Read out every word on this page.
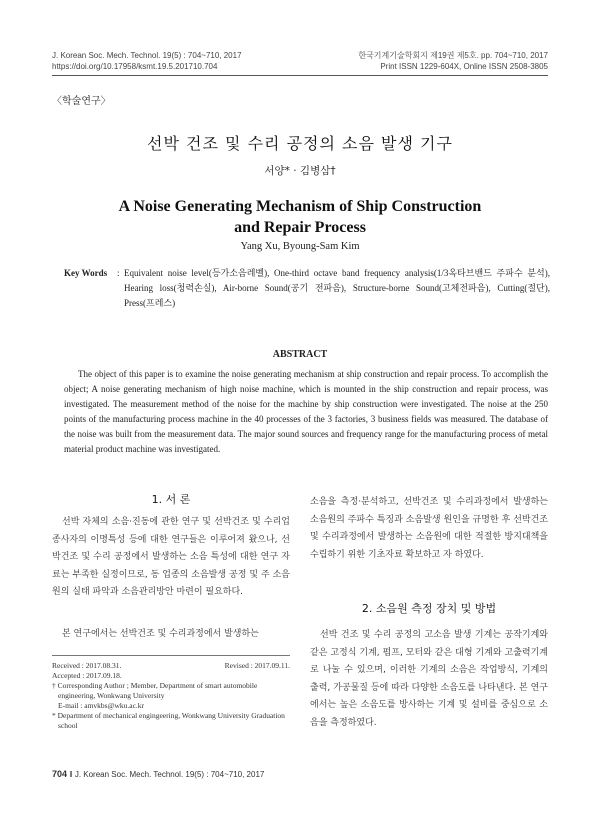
J. Korean Soc. Mech. Technol. 19(5) : 704~710, 2017
https://doi.org/10.17958/ksmt.19.5.201710.704
한국기계기술학회지 제19권 제5호. pp. 704~710, 2017
Print ISSN 1229-604X, Online ISSN 2508-3805
〈학술연구〉
선박 건조 및 수리 공정의 소음 발생 기구
서양* · 김병삼†
A Noise Generating Mechanism of Ship Construction
and Repair Process
Yang Xu, Byoung-Sam Kim
Key Words : Equivalent noise level(등가소음레벨), One-third octave band frequency analysis(1/3옥타브밴드 주파수 분석), Hearing loss(청력손실), Air-borne Sound(공기 전파음), Structure-borne Sound(고체전파음), Cutting(절단), Press(프레스)
ABSTRACT
The object of this paper is to examine the noise generating mechanism at ship construction and repair process. To accomplish the object; A noise generating mechanism of high noise machine, which is mounted in the ship construction and repair process, was investigated. The measurement method of the noise for the machine by ship construction were investigated. The noise at the 250 points of the manufacturing process machine in the 40 processes of the 3 factories, 3 business fields was measured. The database of the noise was built from the measurement data. The major sound sources and frequency range for the manufacturing process of metal material product machine was investigated.
1. 서 론
선박 자체의 소음·진동에 관한 연구 및 선박건조 및 수리업 종사자의 이명특성 등에 대한 연구들은 이루어져 왔으나, 선박건조 및 수리 공정에서 발생하는 소음 특성에 대한 연구 자료는 부족한 실정이므로, 동 업종의 소음발생 공정 및 주 소음원의 실태 파악과 소음관리방안 마련이 필요하다.
본 연구에서는 선박건조 및 수리과정에서 발생하는
Received : 2017.08.31.	Revised : 2017.09.11.
Accepted : 2017.09.18.
† Corresponding Author ; Member, Department of smart automobile engineering, Wonkwang University
E-mail : amvkbs@wku.ac.kr
* Department of mechanical engingeering, Wonkwang University Graduation school
소음을 측정·분석하고, 선박건조 및 수리과정에서 발생하는 소음원의 주파수 특징과 소음발생 원인을 규명한 후 선박건조 및 수리과정에서 발생하는 소음원에 대한 적절한 방지대책을 수립하기 위한 기초자료 확보하고 자 하였다.
2. 소음원 측정 장치 및 방법
선박 건조 및 수리 공정의 고소음 발생 기계는 공작기계와 같은 고정식 기계, 펌프, 모터와 같은 대형 기계와 고출력기계로 나눌 수 있으며, 이러한 기계의 소음은 작업방식, 기계의 출력, 가공물질 등에 따라 다양한 소음도를 나타낸다. 본 연구에서는 높은 소음도를 방사하는 기계 및 설비를 중심으로 소음을 측정하였다.
704 ‖ J. Korean Soc. Mech. Technol. 19(5) : 704~710, 2017
